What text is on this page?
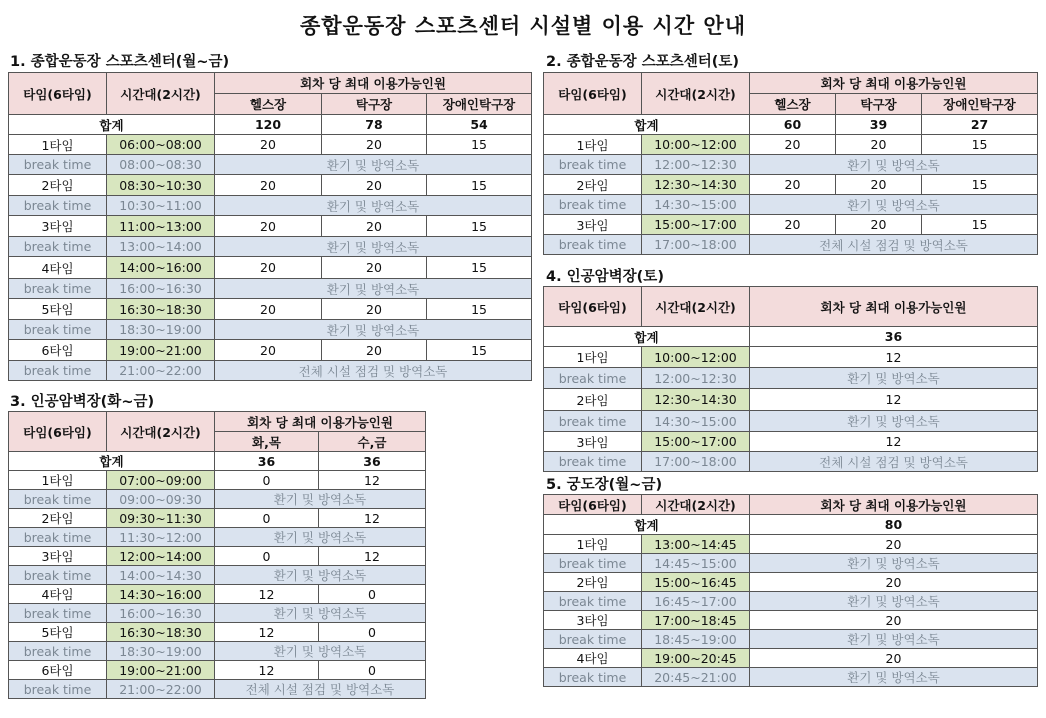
종합운동장 스포츠센터 시설별 이용 시간 안내
1. 종합운동장 스포츠센터(월~금)
타임(6타임)	시간대(2시간)	회차 당 최대 이용가능인원		
		헬스장	탁구장	장애인탁구장
합계		120	78	54
1타임	06:00~08:00	20	20	15
break time	08:00~08:30	환기 및 방역소독		
2타임	08:30~10:30	20	20	15
break time	10:30~11:00	환기 및 방역소독		
3타임	11:00~13:00	20	20	15
break time	13:00~14:00	환기 및 방역소독		
4타임	14:00~16:00	20	20	15
break time	16:00~16:30	환기 및 방역소독		
5타임	16:30~18:30	20	20	15
break time	18:30~19:00	환기 및 방역소독		
6타임	19:00~21:00	20	20	15
break time	21:00~22:00	전체 시설 점검 및 방역소독		
2. 종합운동장 스포츠센터(토)
타임(6타임)	시간대(2시간)	회차 당 최대 이용가능인원		
		헬스장	탁구장	장애인탁구장
합계		60	39	27
1타임	10:00~12:00	20	20	15
break time	12:00~12:30	환기 및 방역소독		
2타임	12:30~14:30	20	20	15
break time	14:30~15:00	환기 및 방역소독		
3타임	15:00~17:00	20	20	15
break time	17:00~18:00	전체 시설 점검 및 방역소독		
3. 인공암벽장(화~금)
타임(6타임)	시간대(2시간)	회차 당 최대 이용가능인원	
		화,목	수,금
합계		36	36
1타임	07:00~09:00	0	12
break time	09:00~09:30	환기 및 방역소독	
2타임	09:30~11:30	0	12
break time	11:30~12:00	환기 및 방역소독	
3타임	12:00~14:00	0	12
break time	14:00~14:30	환기 및 방역소독	
4타임	14:30~16:00	12	0
break time	16:00~16:30	환기 및 방역소독	
5타임	16:30~18:30	12	0
break time	18:30~19:00	환기 및 방역소독	
6타임	19:00~21:00	12	0
break time	21:00~22:00	전체 시설 점검 및 방역소독	
4. 인공암벽장(토)
타임(6타임)	시간대(2시간)	회차 당 최대 이용가능인원
합계		36
1타임	10:00~12:00	12
break time	12:00~12:30	환기 및 방역소독
2타임	12:30~14:30	12
break time	14:30~15:00	환기 및 방역소독
3타임	15:00~17:00	12
break time	17:00~18:00	전체 시설 점검 및 방역소독
5. 궁도장(월~금)
타임(6타임)	시간대(2시간)	회차 당 최대 이용가능인원
합계		80
1타임	13:00~14:45	20
break time	14:45~15:00	환기 및 방역소독
2타임	15:00~16:45	20
break time	16:45~17:00	환기 및 방역소독
3타임	17:00~18:45	20
break time	18:45~19:00	환기 및 방역소독
4타임	19:00~20:45	20
break time	20:45~21:00	환기 및 방역소독
